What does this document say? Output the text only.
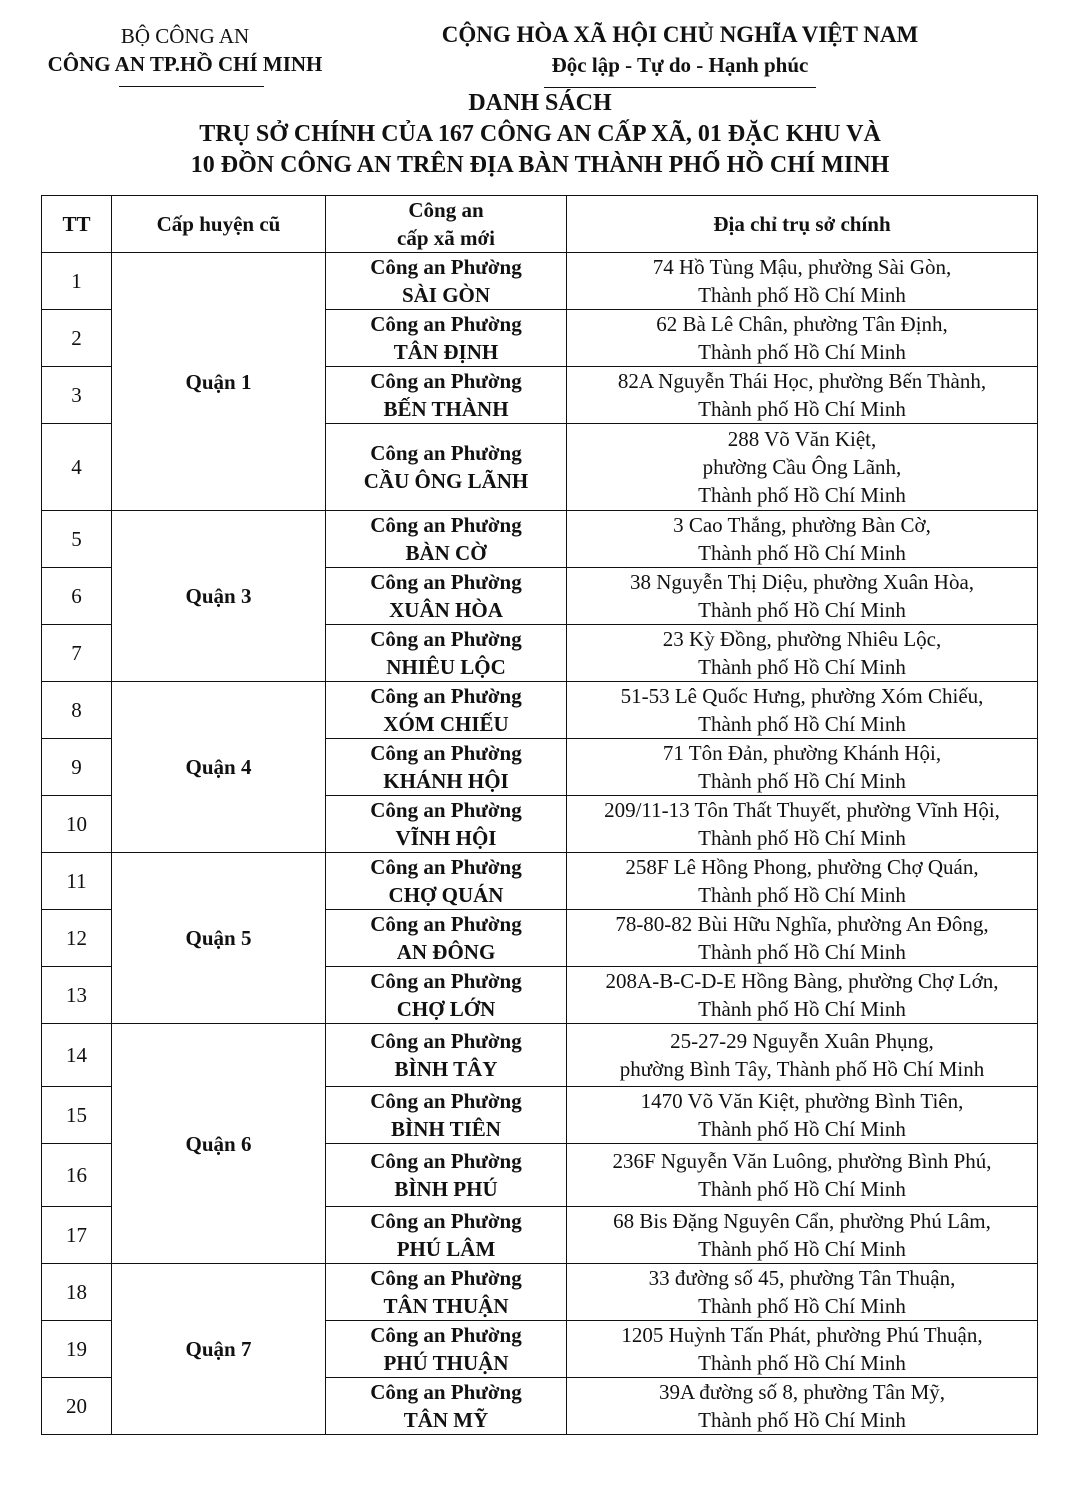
BỘ CÔNG AN
CÔNG AN TP.HỒ CHÍ MINH
CỘNG HÒA XÃ HỘI CHỦ NGHĨA VIỆT NAM
Độc lập - Tự do - Hạnh phúc
DANH SÁCH
TRỤ SỞ CHÍNH CỦA 167 CÔNG AN CẤP XÃ, 01 ĐẶC KHU VÀ
10 ĐỒN CÔNG AN TRÊN ĐỊA BÀN THÀNH PHỐ HỒ CHÍ MINH
TT	Cấp huyện cũ	Công an
cấp xã mới	Địa chỉ trụ sở chính
1	Quận 1	Công an Phường
SÀI GÒN	74 Hồ Tùng Mậu, phường Sài Gòn,
Thành phố Hồ Chí Minh

2		Công an Phường
TÂN ĐỊNH	62 Bà Lê Chân, phường Tân Định,
Thành phố Hồ Chí Minh

3		Công an Phường
BẾN THÀNH	82A Nguyễn Thái Học, phường Bến Thành,
Thành phố Hồ Chí Minh

4		Công an Phường
CẦU ÔNG LÃNH	288 Võ Văn Kiệt,
phường Cầu Ông Lãnh,
Thành phố Hồ Chí Minh

5	Quận 3	Công an Phường
BÀN CỜ	3 Cao Thắng, phường Bàn Cờ,
Thành phố Hồ Chí Minh

6		Công an Phường
XUÂN HÒA	38 Nguyễn Thị Diệu, phường Xuân Hòa,
Thành phố Hồ Chí Minh

7		Công an Phường
NHIÊU LỘC	23 Kỳ Đồng, phường Nhiêu Lộc,
Thành phố Hồ Chí Minh

8	Quận 4	Công an Phường
XÓM CHIẾU	51-53 Lê Quốc Hưng, phường Xóm Chiếu,
Thành phố Hồ Chí Minh

9		Công an Phường
KHÁNH HỘI	71 Tôn Đản, phường Khánh Hội,
Thành phố Hồ Chí Minh

10		Công an Phường
VĨNH HỘI	209/11-13 Tôn Thất Thuyết, phường Vĩnh Hội,
Thành phố Hồ Chí Minh

11	Quận 5	Công an Phường
CHỢ QUÁN	258F Lê Hồng Phong, phường Chợ Quán,
Thành phố Hồ Chí Minh

12		Công an Phường
AN ĐÔNG	78-80-82 Bùi Hữu Nghĩa, phường An Đông,
Thành phố Hồ Chí Minh

13		Công an Phường
CHỢ LỚN	208A-B-C-D-E Hồng Bàng, phường Chợ Lớn,
Thành phố Hồ Chí Minh

14	Quận 6	Công an Phường
BÌNH TÂY	25-27-29 Nguyễn Xuân Phụng,
phường Bình Tây, Thành phố Hồ Chí Minh

15		Công an Phường
BÌNH TIÊN	1470 Võ Văn Kiệt, phường Bình Tiên,
Thành phố Hồ Chí Minh

16		Công an Phường
BÌNH PHÚ	236F Nguyễn Văn Luông, phường Bình Phú,
Thành phố Hồ Chí Minh

17		Công an Phường
PHÚ LÂM	68 Bis Đặng Nguyên Cẩn, phường Phú Lâm,
Thành phố Hồ Chí Minh

18	Quận 7	Công an Phường
TÂN THUẬN	33 đường số 45, phường Tân Thuận,
Thành phố Hồ Chí Minh

19		Công an Phường
PHÚ THUẬN	1205 Huỳnh Tấn Phát, phường Phú Thuận,
Thành phố Hồ Chí Minh

20		Công an Phường
TÂN MỸ	39A đường số 8, phường Tân Mỹ,
Thành phố Hồ Chí Minh
